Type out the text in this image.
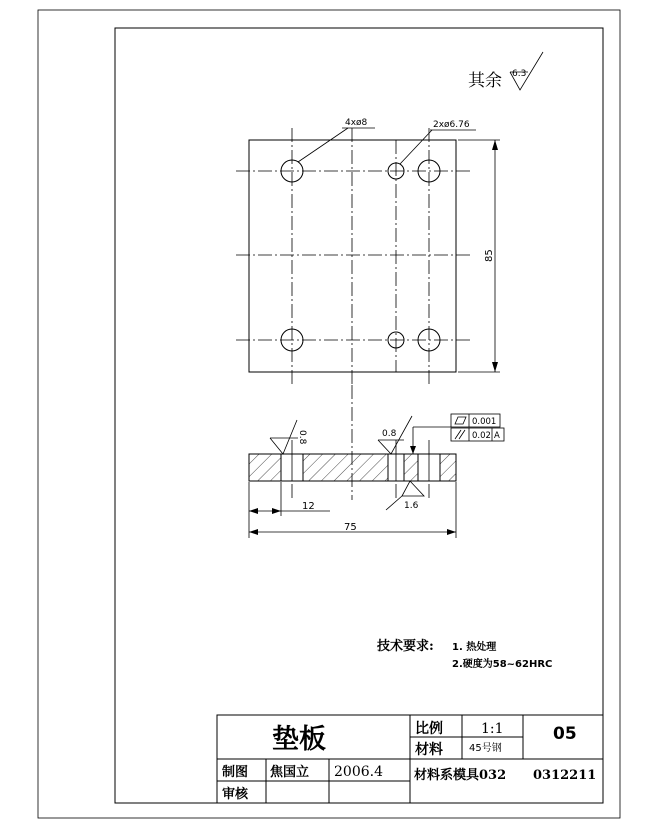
其余 6.3
4xø8	2xø6.76
85
0.8	0.8
1.6
0.001
0.02 A
12
75
技术要求: 1. 热处理
2.硬度为58~62HRC
垫板	比例	1:1
材料	45号钢
05
制图 焦国立 2006.4
审核
材料系模具032 0312211
